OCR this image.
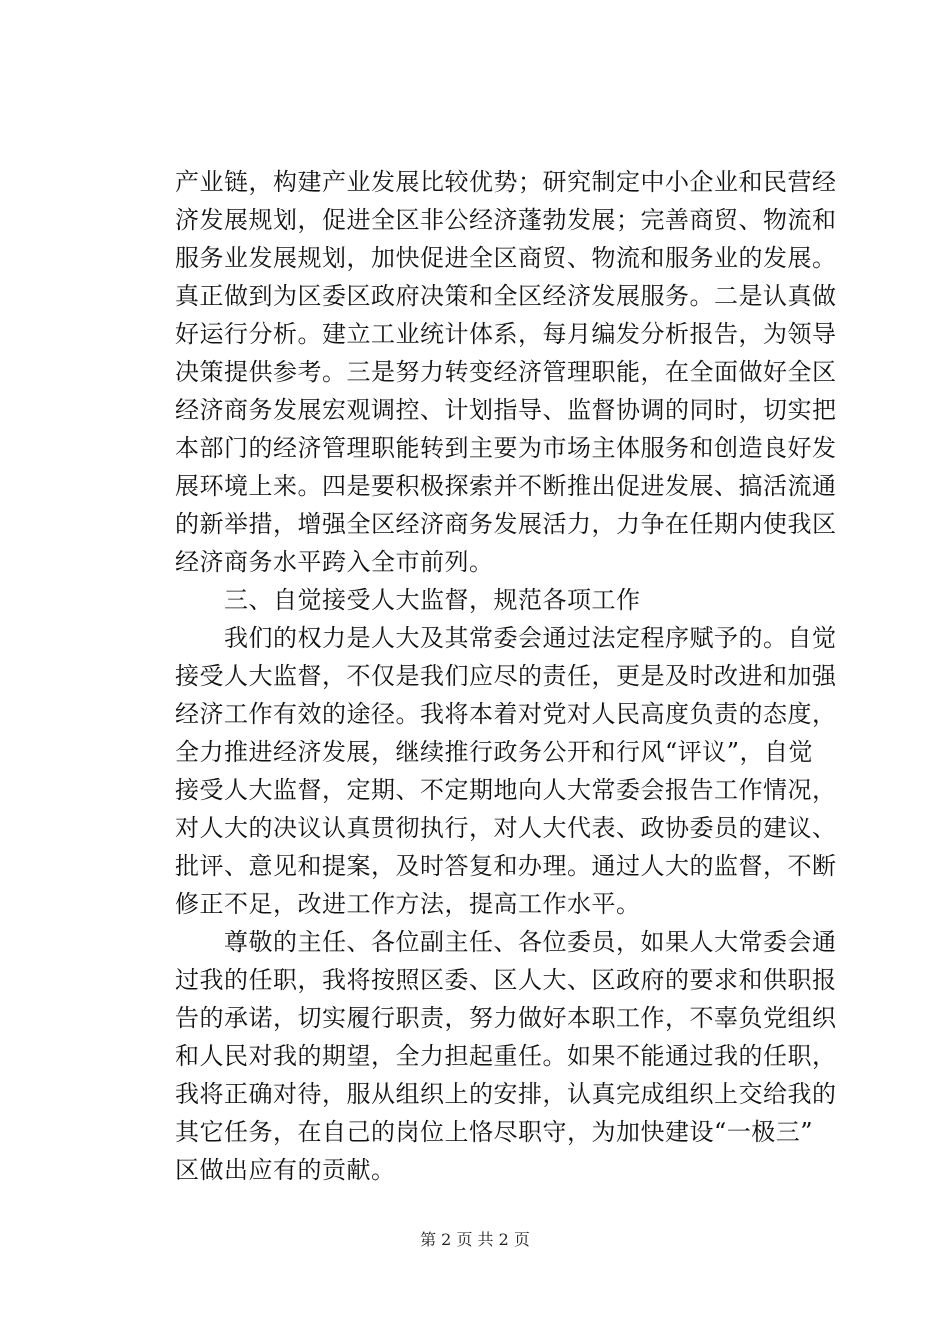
产业链，构建产业发展比较优势；研究制定中小企业和民营经
济发展规划，促进全区非公经济蓬勃发展；完善商贸、物流和
服务业发展规划，加快促进全区商贸、物流和服务业的发展。
真正做到为区委区政府决策和全区经济发展服务。二是认真做
好运行分析。建立工业统计体系，每月编发分析报告，为领导
决策提供参考。三是努力转变经济管理职能，在全面做好全区
经济商务发展宏观调控、计划指导、监督协调的同时，切实把
本部门的经济管理职能转到主要为市场主体服务和创造良好发
展环境上来。四是要积极探索并不断推出促进发展、搞活流通
的新举措，增强全区经济商务发展活力，力争在任期内使我区
经济商务水平跨入全市前列。
　　三、自觉接受人大监督，规范各项工作
　　我们的权力是人大及其常委会通过法定程序赋予的。自觉
接受人大监督，不仅是我们应尽的责任，更是及时改进和加强
经济工作有效的途径。我将本着对党对人民高度负责的态度，
全力推进经济发展，继续推行政务公开和行风“评议”，自觉
接受人大监督，定期、不定期地向人大常委会报告工作情况，
对人大的决议认真贯彻执行，对人大代表、政协委员的建议、
批评、意见和提案，及时答复和办理。通过人大的监督，不断
修正不足，改进工作方法，提高工作水平。
　　尊敬的主任、各位副主任、各位委员，如果人大常委会通
过我的任职，我将按照区委、区人大、区政府的要求和供职报
告的承诺，切实履行职责，努力做好本职工作，不辜负党组织
和人民对我的期望，全力担起重任。如果不能通过我的任职，
我将正确对待，服从组织上的安排，认真完成组织上交给我的
其它任务，在自己的岗位上恪尽职守，为加快建设“一极三”
区做出应有的贡献。
第 2 页 共 2 页
